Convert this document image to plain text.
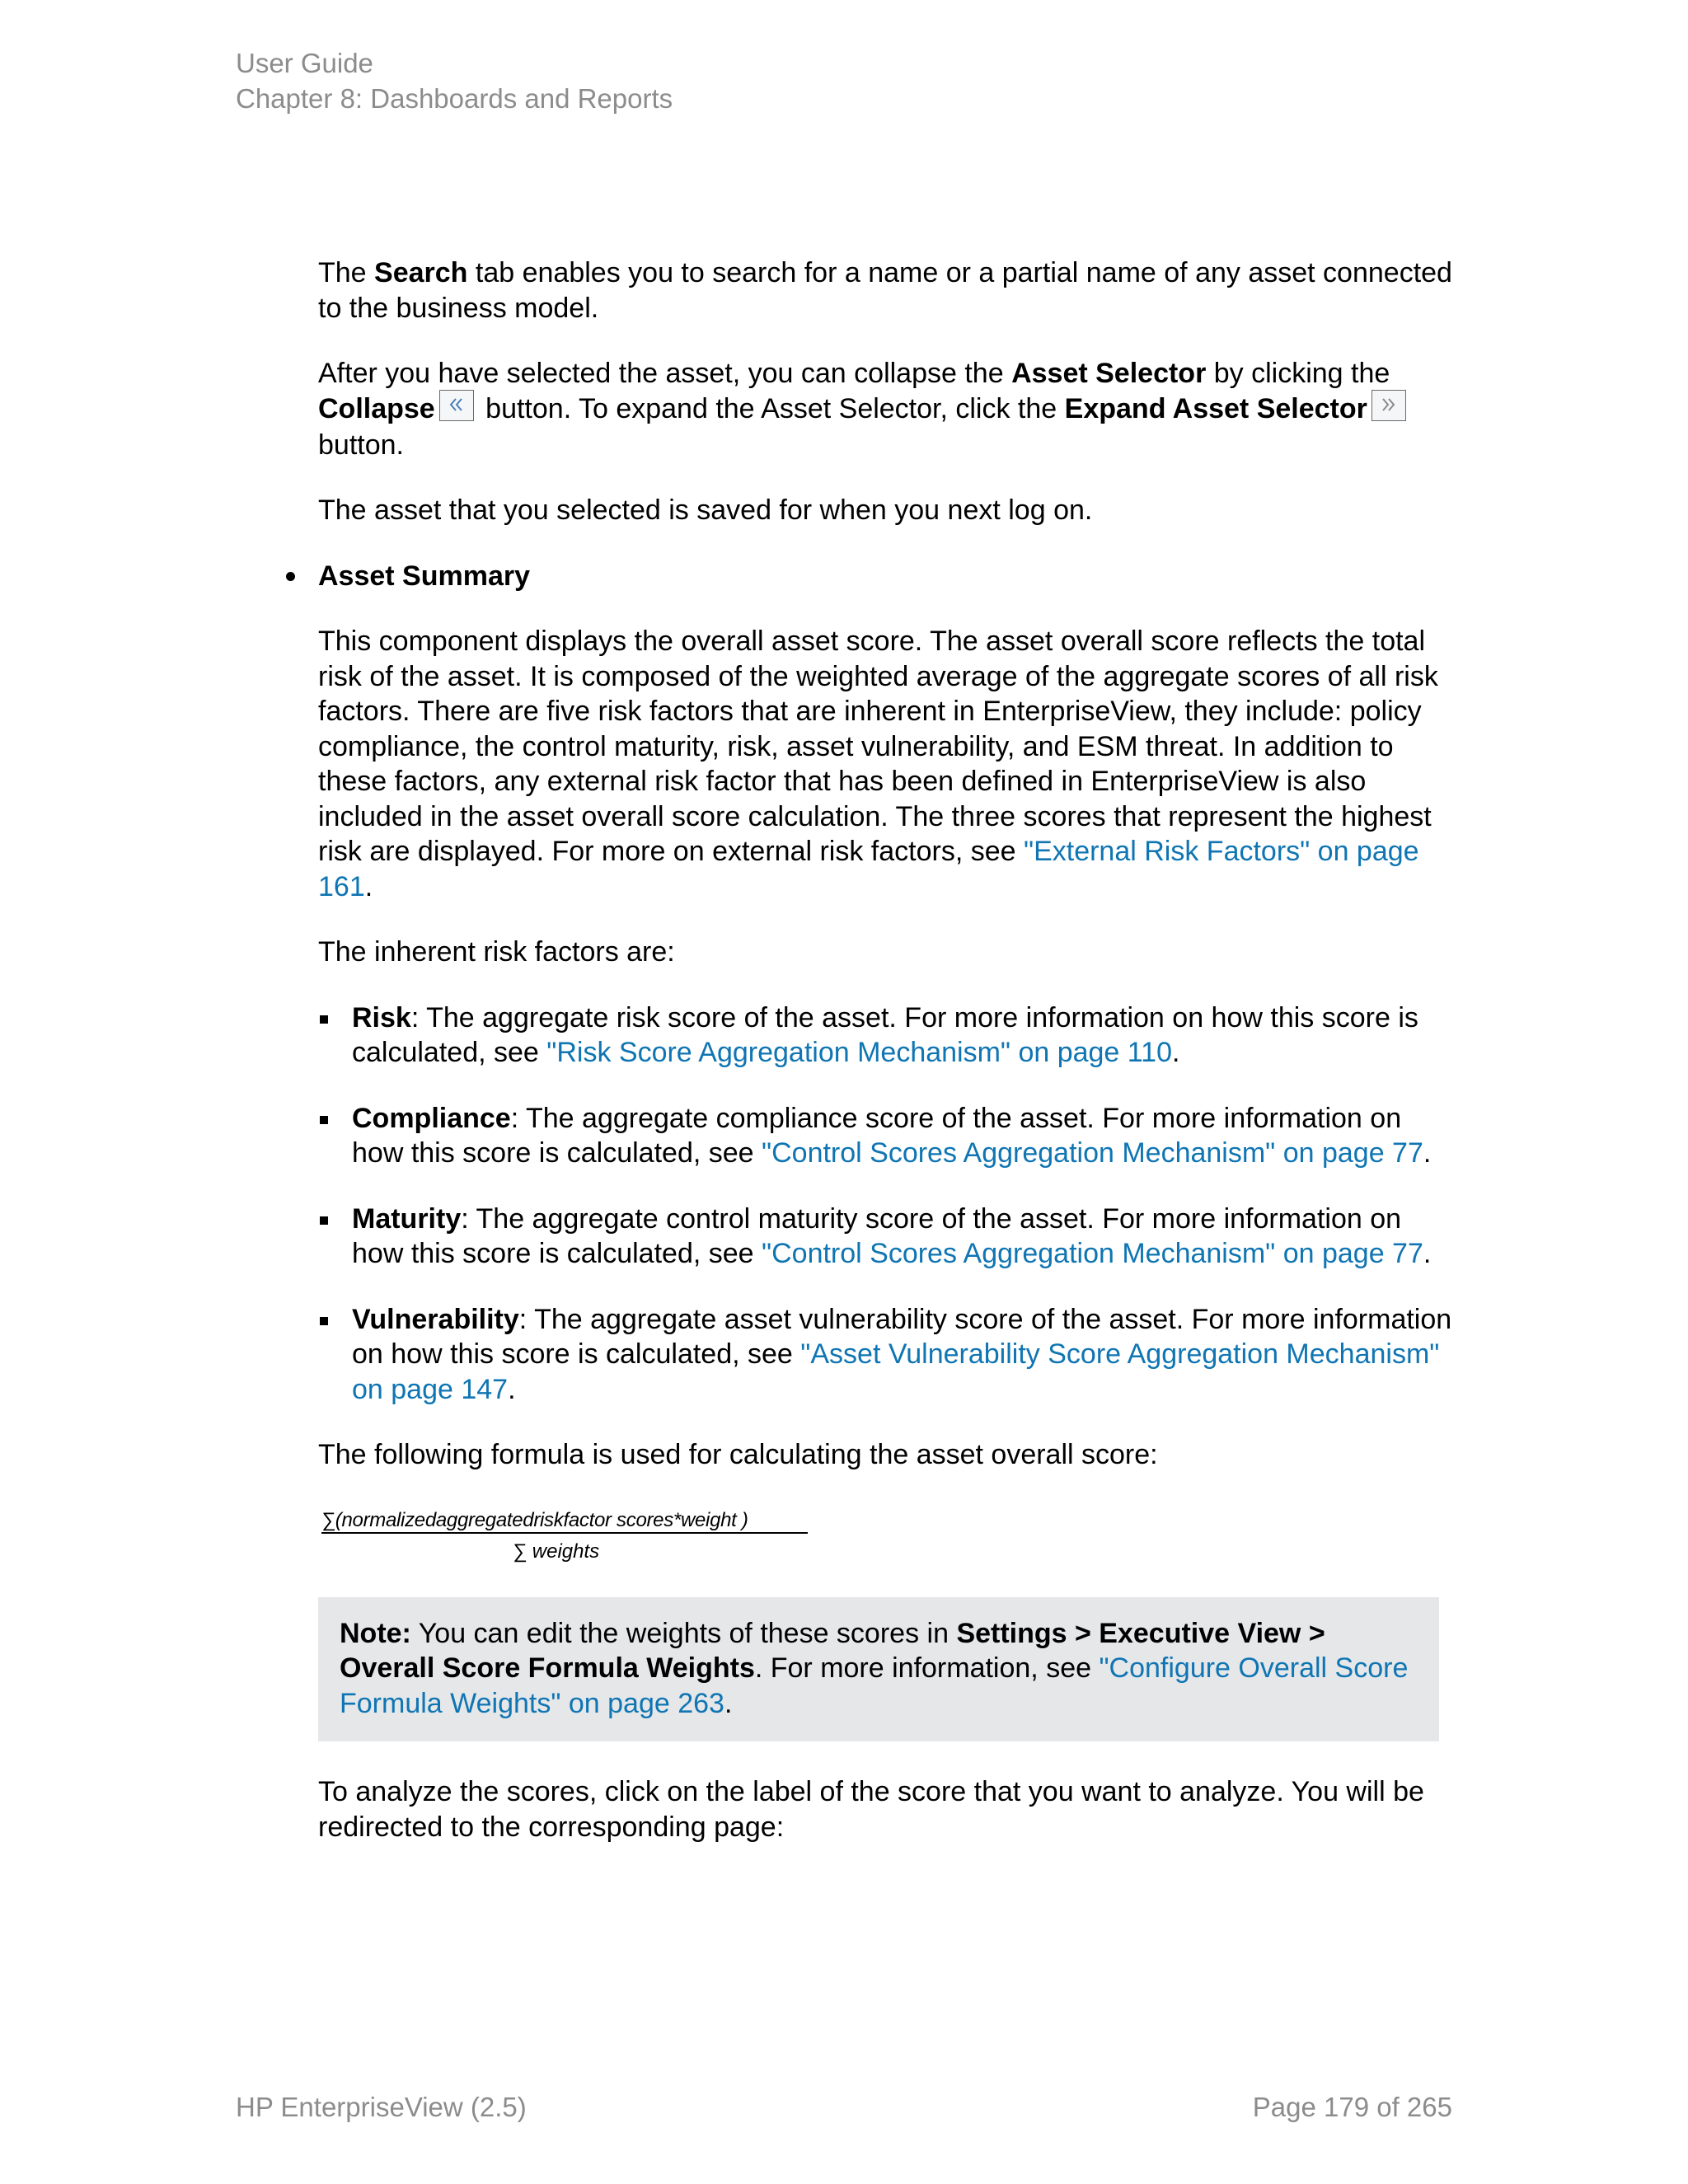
User Guide
Chapter 8: Dashboards and Reports

The Search tab enables you to search for a name or a partial name of any asset connected to the business model.

After you have selected the asset, you can collapse the Asset Selector by clicking the
Collapse
button. To expand the Asset Selector, click the Expand Asset Selector

button.

The asset that you selected is saved for when you next log on.

Asset Summary

This component displays the overall asset score. The asset overall score reflects the total risk of the asset. It is composed of the weighted average of the aggregate scores of all risk factors. There are five risk factors that are inherent in EnterpriseView, they include: policy compliance, the control maturity, risk, asset vulnerability, and ESM threat. In addition to these factors, any external risk factor that has been defined in EnterpriseView is also included in the asset overall score calculation. The three scores that represent the highest risk are displayed. For more on external risk factors, see "External Risk Factors" on page 161.

The inherent risk factors are:

Risk: The aggregate risk score of the asset. For more information on how this score is calculated, see "Risk Score Aggregation Mechanism" on page 110.
Compliance: The aggregate compliance score of the asset. For more information on how this score is calculated, see "Control Scores Aggregation Mechanism" on page 77.
Maturity: The aggregate control maturity score of the asset. For more information on how this score is calculated, see "Control Scores Aggregation Mechanism" on page 77.
Vulnerability: The aggregate asset vulnerability score of the asset. For more information on how this score is calculated, see "Asset Vulnerability Score Aggregation Mechanism" on page 147.

The following formula is used for calculating the asset overall score:

∑(normalizedaggregatedriskfactor scores*weight )
∑ weights
Note: You can edit the weights of these scores in Settings > Executive View > Overall Score Formula Weights. For more information, see "Configure Overall Score Formula Weights" on page 263.

To analyze the scores, click on the label of the score that you want to analyze. You will be redirected to the corresponding page:

HP EnterpriseView (2.5)	Page 179 of 265
